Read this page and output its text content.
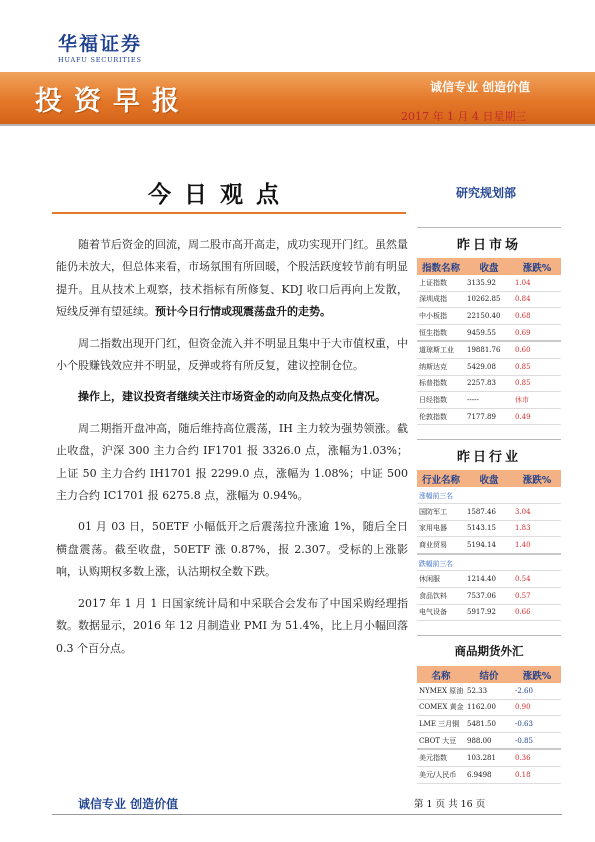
华福证券
HUAFU SECURITIES
投资早报	诚信专业 创造价值
2017 年 1 月 4 日星期三
今日观点	研究规划部

随着节后资金的回流，周二股市高开高走，成功实现开门红。虽然量能仍未放大，但总体来看，市场氛围有所回暖，个股活跃度较节前有明显提升。且从技术上观察，技术指标有所修复、KDJ 收口后再向上发散，短线反弹有望延续。预计今日行情或现震荡盘升的走势。

周二指数出现开门红，但资金流入并不明显且集中于大市值权重，中小个股赚钱效应并不明显，反弹或将有所反复，建议控制仓位。

操作上，建议投资者继续关注市场资金的动向及热点变化情况。

周二期指开盘冲高，随后维持高位震荡，IH 主力较为强势领涨。截止收盘，沪深 300 主力合约 IF1701 报 3326.0 点，涨幅为1.03%；上证 50 主力合约 IH1701 报 2299.0 点，涨幅为 1.08%；中证 500 主力合约 IC1701 报 6275.8 点，涨幅为 0.94%。

01 月 03 日，50ETF 小幅低开之后震荡拉升涨逾 1%，随后全日横盘震荡。截至收盘，50ETF 涨 0.87%，报 2.307。受标的上涨影响，认购期权多数上涨，认沽期权全数下跌。

2017 年 1 月 1 日国家统计局和中采联合会发布了中国采购经理指数。数据显示，2016 年 12 月制造业 PMI 为 51.4%，比上月小幅回落 0.3 个百分点。

昨日市场
指数名称	收盘	涨跌%
上证指数	3135.92	1.04
深圳成指	10262.85	0.84
中小板指	22150.40	0.68
恒生指数	9459.55	0.69
道琼斯工业	19881.76	0.60
纳斯达克	5429.08	0.85
标普指数	2257.83	0.85
日经指数	-----	休市
伦敦指数	7177.89	0.49
昨日行业
行业名称	收盘	涨跌%
涨幅前三名		
国防军工	1587.46	3.04
家用电器	5143.15	1.83
商业贸易	5194.14	1.40
跌幅前三名		
休闲服	1214.40	0.54
食品饮料	7537.06	0.57
电气设备	5917.92	0.66
商品期货外汇
名称	结价	涨跌%
NYMEX 原油	52.33	-2.60
COMEX 黄金	1162.00	0.90
LME 三月铜	5481.50	-0.63
CBOT 大豆	988.00	-0.85
美元指数	103.281	0.36
美元/人民币	6.9498	0.18
诚信专业 创造价值	第 1 页 共 16 页
